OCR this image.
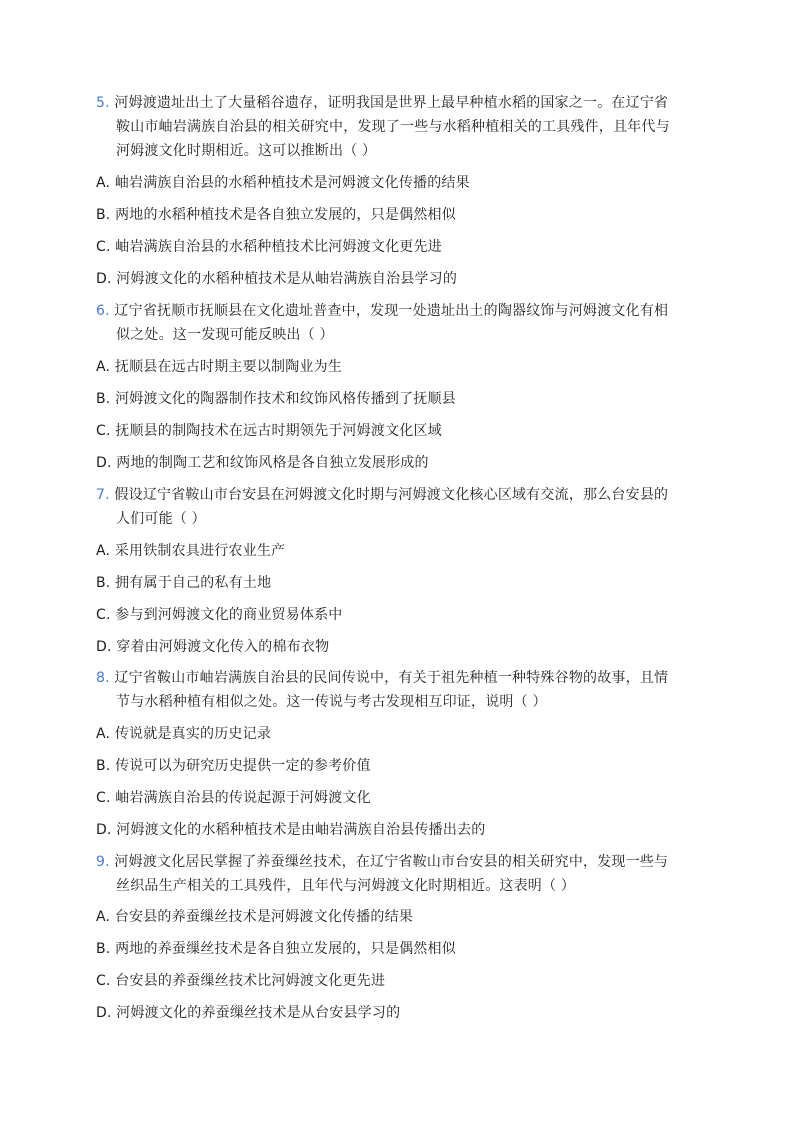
5. 河姆渡遗址出土了大量稻谷遗存，证明我国是世界上最早种植水稻的国家之一。在辽宁省
鞍山市岫岩满族自治县的相关研究中，发现了一些与水稻种植相关的工具残件，且年代与
河姆渡文化时期相近。这可以推断出（ ）
A. 岫岩满族自治县的水稻种植技术是河姆渡文化传播的结果
B. 两地的水稻种植技术是各自独立发展的，只是偶然相似
C. 岫岩满族自治县的水稻种植技术比河姆渡文化更先进
D. 河姆渡文化的水稻种植技术是从岫岩满族自治县学习的
6. 辽宁省抚顺市抚顺县在文化遗址普查中，发现一处遗址出土的陶器纹饰与河姆渡文化有相
似之处。这一发现可能反映出（ ）
A. 抚顺县在远古时期主要以制陶业为生
B. 河姆渡文化的陶器制作技术和纹饰风格传播到了抚顺县
C. 抚顺县的制陶技术在远古时期领先于河姆渡文化区域
D. 两地的制陶工艺和纹饰风格是各自独立发展形成的
7. 假设辽宁省鞍山市台安县在河姆渡文化时期与河姆渡文化核心区域有交流，那么台安县的
人们可能（ ）
A. 采用铁制农具进行农业生产
B. 拥有属于自己的私有土地
C. 参与到河姆渡文化的商业贸易体系中
D. 穿着由河姆渡文化传入的棉布衣物
8. 辽宁省鞍山市岫岩满族自治县的民间传说中，有关于祖先种植一种特殊谷物的故事，且情
节与水稻种植有相似之处。这一传说与考古发现相互印证，说明（ ）
A. 传说就是真实的历史记录
B. 传说可以为研究历史提供一定的参考价值
C. 岫岩满族自治县的传说起源于河姆渡文化
D. 河姆渡文化的水稻种植技术是由岫岩满族自治县传播出去的
9. 河姆渡文化居民掌握了养蚕缫丝技术，在辽宁省鞍山市台安县的相关研究中，发现一些与
丝织品生产相关的工具残件，且年代与河姆渡文化时期相近。这表明（ ）
A. 台安县的养蚕缫丝技术是河姆渡文化传播的结果
B. 两地的养蚕缫丝技术是各自独立发展的，只是偶然相似
C. 台安县的养蚕缫丝技术比河姆渡文化更先进
D. 河姆渡文化的养蚕缫丝技术是从台安县学习的
